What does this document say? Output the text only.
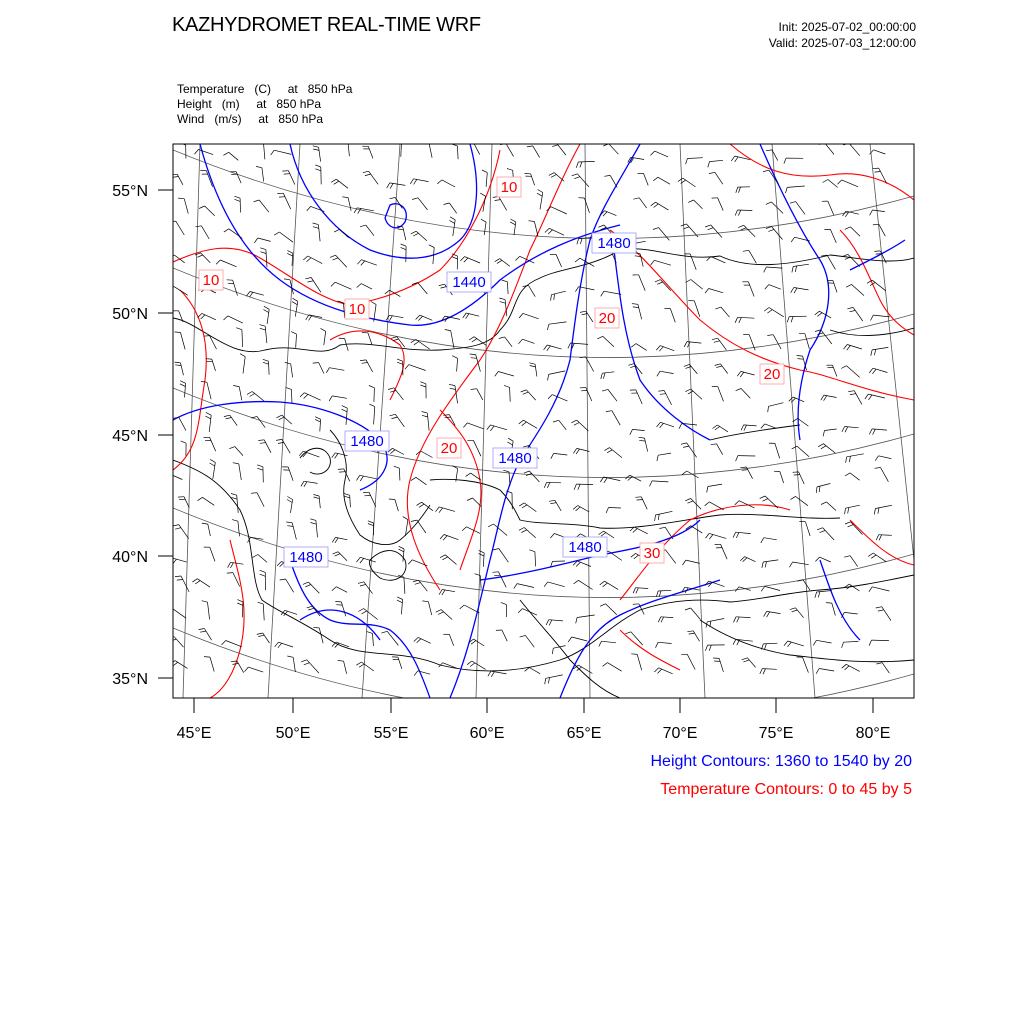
KAZHYDROMET REAL-TIME WRF	Init: 2025-07-02_00:00:00
Valid: 2025-07-03_12:00:00
Temperature   (C)     at   850 hPa
Height   (m)     at   850 hPa
Wind   (m/s)     at   850 hPa
55°N
50°N
45°N
40°N
35°N
45°E	50°E	55°E	60°E	65°E	70°E	75°E	80°E
1480
1440
1480
1480
1480
1480
10
10
10
20
20
20
30
Height Contours: 1360 to 1540 by 20
Temperature Contours: 0 to 45 by 5
